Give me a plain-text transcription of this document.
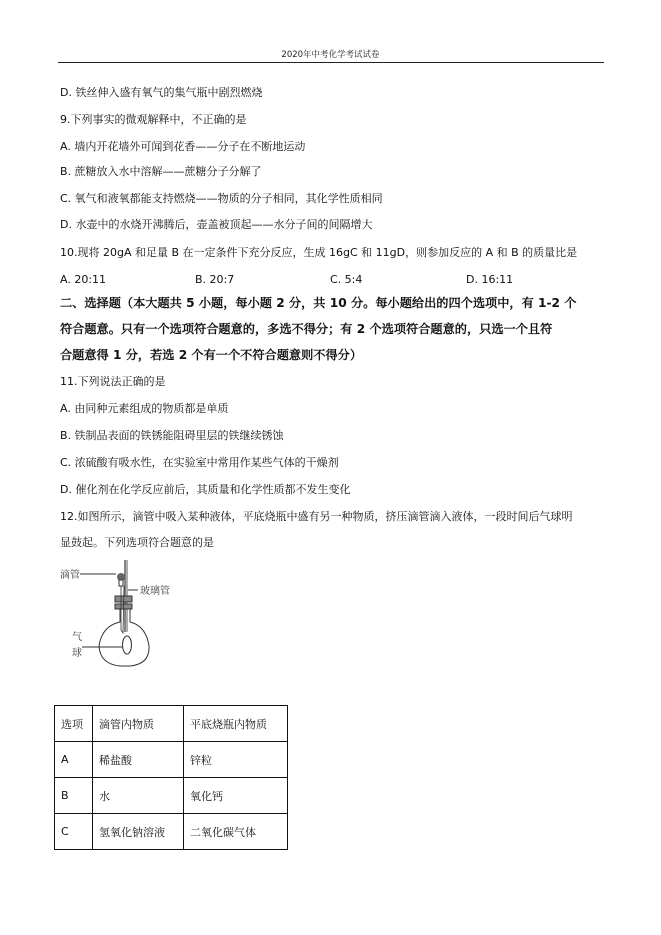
2020年中考化学考试试卷
D. 铁丝伸入盛有氧气的集气瓶中剧烈燃烧
9.下列事实的微观解释中，不正确的是
A. 墙内开花墙外可闻到花香——分子在不断地运动
B. 蔗糖放入水中溶解——蔗糖分子分解了
C. 氧气和液氧都能支持燃烧——物质的分子相同，其化学性质相同
D. 水壶中的水烧开沸腾后，壶盖被顶起——水分子间的间隔增大
10.现将 20gA 和足量 B 在一定条件下充分反应，生成 16gC 和 11gD，则参加反应的 A 和 B 的质量比是
A. 20:11	B. 20:7	C. 5:4	D. 16:11
二、选择题（本大题共 5 小题，每小题 2 分，共 10 分。每小题给出的四个选项中，有 1-2 个
符合题意。只有一个选项符合题意的，多选不得分；有 2 个选项符合题意的，只选一个且符
合题意得 1 分，若选 2 个有一个不符合题意则不得分）
11.下列说法正确的是
A. 由同种元素组成的物质都是单质
B. 铁制品表面的铁锈能阻碍里层的铁继续锈蚀
C. 浓硫酸有吸水性，在实验室中常用作某些气体的干燥剂
D. 催化剂在化学反应前后，其质量和化学性质都不发生变化
12.如图所示，滴管中吸入某种液体，平底烧瓶中盛有另一种物质，挤压滴管滴入液体，一段时间后气球明
显鼓起。下列选项符合题意的是
滴管
玻璃管
气
球
选项	滴管内物质	平底烧瓶内物质
A	稀盐酸	锌粒
B	水	氧化钙
C	氢氧化钠溶液	二氧化碳气体
